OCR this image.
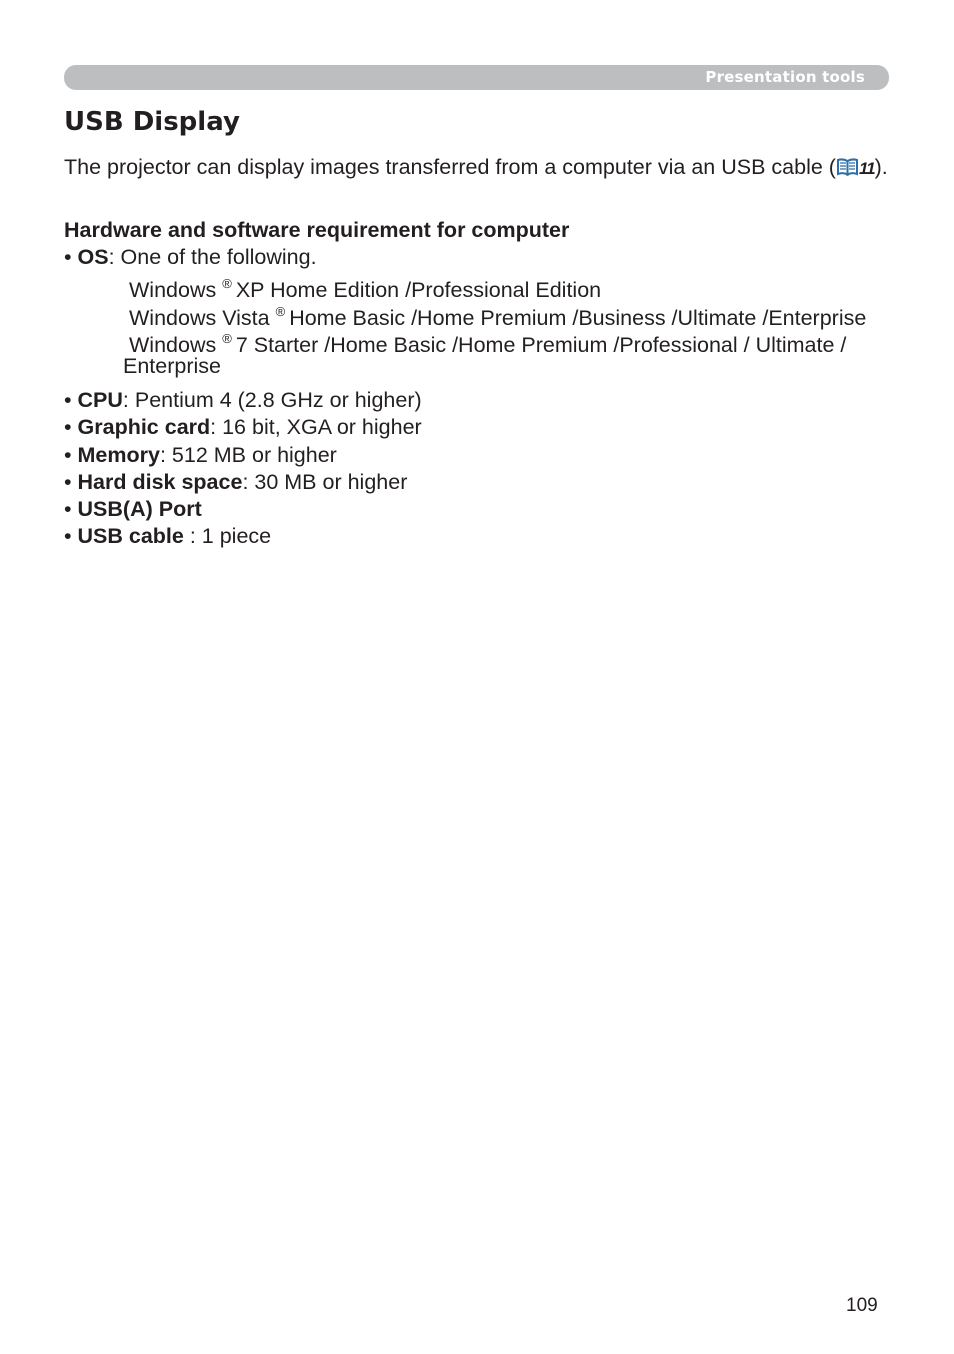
Presentation tools
USB Display

The projector can display images transferred from a computer via an USB cable ( 11).

Hardware and software requirement for computer

• OS: One of the following.

Windows ® XP Home Edition /Professional Edition

Windows Vista ® Home Basic /Home Premium /Business /Ultimate /Enterprise

Windows ® 7 Starter /Home Basic /Home Premium /Professional / Ultimate /

Enterprise

• CPU: Pentium 4 (2.8 GHz or higher)

• Graphic card: 16 bit, XGA or higher

• Memory: 512 MB or higher

• Hard disk space: 30 MB or higher

• USB(A) Port

• USB cable : 1 piece

109
